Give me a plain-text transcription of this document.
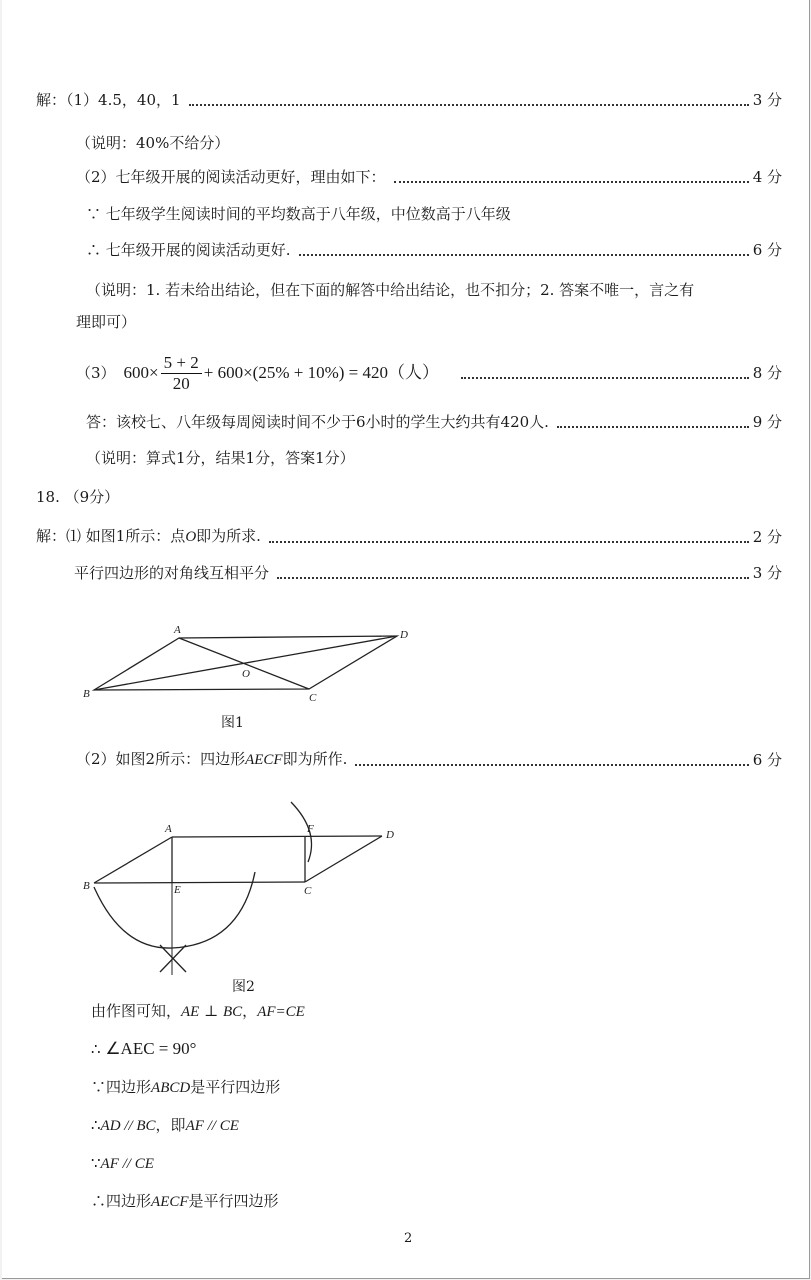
解：（1）4.5，40，1	3 分
（说明：40%不给分）
（2）七年级开展的阅读活动更好，理由如下：	4 分
∵ 七年级学生阅读时间的平均数高于八年级，中位数高于八年级
∴ 七年级开展的阅读活动更好.	6 分
（说明：1. 若未给出结论，但在下面的解答中给出结论，也不扣分；2. 答案不唯一，言之有
理即可）
（3） $600\times \frac{5 + 2}{20} + 600\times(25\% + 10\%) = 420$（人）	8 分
答：该校七、八年级每周阅读时间不少于6小时的学生大约共有420人.	9 分
（说明：算式1分，结果1分，答案1分）
18. （9分）
解：⑴ 如图1所示：点O即为所求.	2 分
平行四边形的对角线互相平分	3 分
A
B	C
D
O
图1
（2）如图2所示：四边形AECF即为所作.	6 分
A
B	C
D
E
F
图2
由作图可知，AE ⊥ BC，AF=CE
∴ ∠AEC = 90°
∵四边形ABCD是平行四边形
∴AD // BC，即AF // CE
∵AF // CE
∴四边形AECF是平行四边形
2
